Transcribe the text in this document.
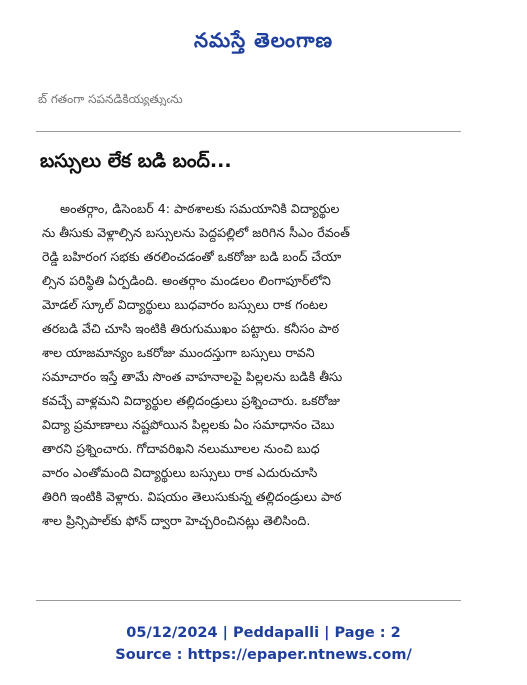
నమస్తే తెలంగాణ
బ్ గతంగా సపనడికియ్యత్నుఁను
బస్సులు లేక బడి బంద్...
అంతర్గాం, డిసెంబర్ 4: పాఠశాలకు సమయానికి విద్యార్థుల
ను తీసుకు వెళ్లాల్సిన బస్సులను పెద్దపల్లిలో జరిగిన సీఎం రేవంత్
రెడ్డి బహిరంగ సభకు తరలించడంతో ఒకరోజు బడి బంద్ చేయా
ల్సిన పరిస్థితి ఏర్పడింది. అంతర్గాం మండలం లింగాపూర్‌లోని
మోడల్ స్కూల్ విద్యార్థులు బుధవారం బస్సులు రాక గంటల
తరబడి వేచి చూసి ఇంటికి తిరుగుముఖం పట్టారు. కనీసం పాఠ
శాల యాజమాన్యం ఒకరోజు ముందస్తుగా బస్సులు రావని
సమాచారం ఇస్తే తామే సొంత వాహనాలపై పిల్లలను బడికి తీసు
కవచ్చే వాళ్లమని విద్యార్థుల తల్లిదండ్రులు ప్రశ్నించారు. ఒకరోజు
విద్యా ప్రమాణాలు నష్టపోయిన పిల్లలకు ఏం సమాధానం చెబు
తారని ప్రశ్నించారు. గోదావరిఖని నలుమూలల నుంచి బుధ
వారం ఎంతోమంది విద్యార్థులు బస్సులు రాక ఎదురుచూసి
తిరిగి ఇంటికి వెళ్లారు. విషయం తెలుసుకున్న తల్లిదండ్రులు పాఠ
శాల ప్రిన్సిపాల్‌కు ఫోన్ ద్వారా హెచ్చరించినట్లు తెలిసింది.
05/12/2024 | Peddapalli | Page : 2
Source : https://epaper.ntnews.com/
